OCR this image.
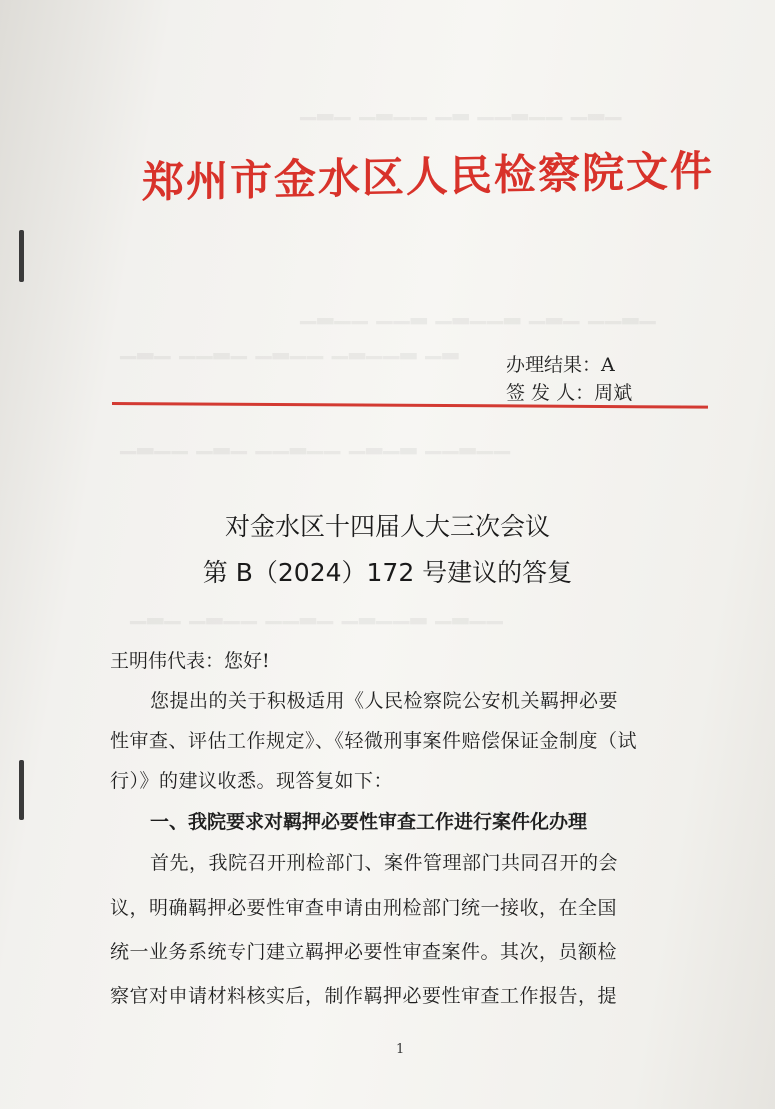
▁▂▁ ▁▂▁▁ ▁▂ ▁▁▂▁▁ ▁▂▁
▁▂▁▁ ▁▁▂ ▁▂▁▁▂ ▁▂▁ ▁▁▂▁
▁▂▁ ▁▁▂▁ ▁▂▁▁ ▁▂▁▁▂ ▁▂
▁▂▁▁ ▁▂▁ ▁▁▂▁▁ ▁▂▁▂ ▁▁▂▁▁
▁▂▁ ▁▂▁▁ ▁▁▂▁ ▁▂▁▁▂ ▁▂▁▁
郑州市金水区人民检察院文件
办理结果：A
签 发 人：周斌
对金水区十四届人大三次会议
第 B（2024）172 号建议的答复
王明伟代表：您好!
您提出的关于积极适用《人民检察院公安机关羁押必要
性审查、评估工作规定》、《轻微刑事案件赔偿保证金制度（试
行）》的建议收悉。现答复如下：
一、我院要求对羁押必要性审查工作进行案件化办理
首先，我院召开刑检部门、案件管理部门共同召开的会
议，明确羁押必要性审查申请由刑检部门统一接收，在全国
统一业务系统专门建立羁押必要性审查案件。其次，员额检
察官对申请材料核实后，制作羁押必要性审查工作报告，提
1
